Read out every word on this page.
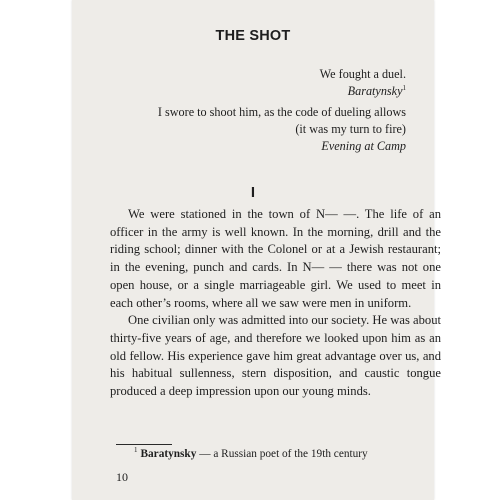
THE SHOT
We fought a duel.
Baratynsky$^1$
I swore to shoot him, as the code of dueling allows (it was my turn to fire)
Evening at Camp
I

We were stationed in the town of N— —. The life of an officer in the army is well known. In the morning, drill and the riding school; dinner with the Colonel or at a Jewish restaurant; in the evening, punch and cards. In N— — there was not one open house, or a single marriageable girl. We used to meet in each other’s rooms, where all we saw were men in uniform.

One civilian only was admitted into our society. He was about thirty-five years of age, and therefore we looked upon him as an old fellow. His experience gave him great advantage over us, and his habitual sullenness, stern disposition, and caustic tongue produced a deep impression upon our young minds.

$^1$ Baratynsky — a Russian poet of the 19th century
10
